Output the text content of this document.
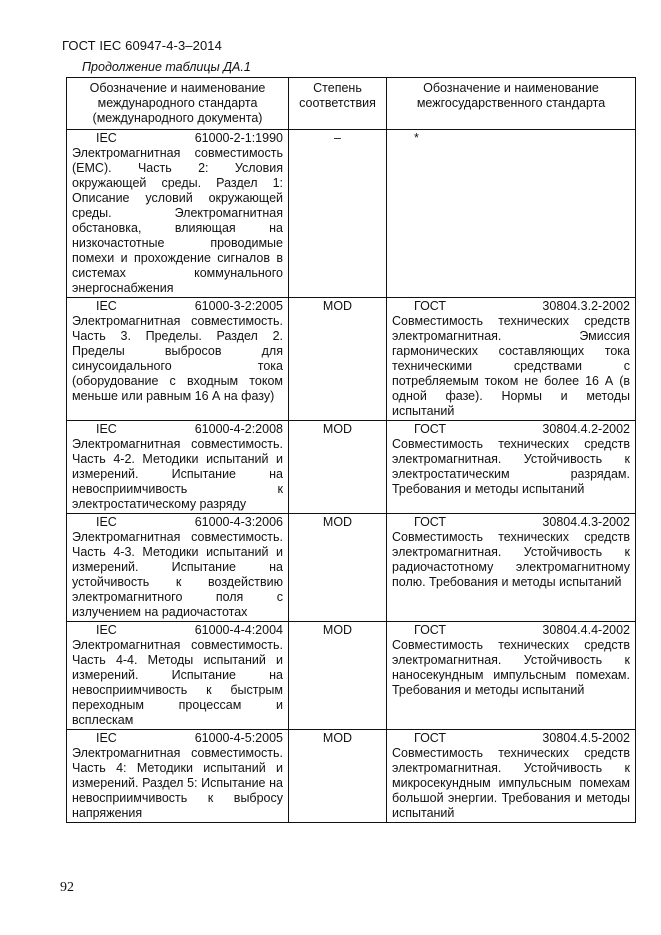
ГОСТ IEC 60947-4-3–2014
Продолжение таблицы ДА.1
Обозначение и наименование международного стандарта (международного документа)	Степень соответствия	Обозначение и наименование межгосударственного стандарта

IEC 61000-2-1:1990 Электромагнитная совместимость (EMC). Часть 2: Условия окружающей среды. Раздел 1: Описание условий окружающей среды. Электромагнитная обстановка, влияющая на низкочастотные проводимые помехи и прохождение сигналов в системах коммунального энергоснабжения	–	*

IEC 61000-3-2:2005 Электромагнитная совместимость. Часть 3. Пределы. Раздел 2. Пределы выбросов для синусоидального тока (оборудование с входным током меньше или равным 16 А на фазу)	MOD	ГОСТ 30804.3.2-2002 Совместимость технических средств электромагнитная. Эмиссия гармонических составляющих тока техническими средствами с потребляемым током не более 16 А (в одной фазе). Нормы и методы испытаний

IEC 61000-4-2:2008 Электромагнитная совместимость. Часть 4-2. Методики испытаний и измерений. Испытание на невосприимчивость к электростатическому разряду	MOD	ГОСТ 30804.4.2-2002 Совместимость технических средств электромагнитная. Устойчивость к электростатическим разрядам. Требования и методы испытаний

IEC 61000-4-3:2006 Электромагнитная совместимость. Часть 4-3. Методики испытаний и измерений. Испытание на устойчивость к воздействию электромагнитного поля с излучением на радиочастотах	MOD	ГОСТ 30804.4.3-2002 Совместимость технических средств электромагнитная. Устойчивость к радиочастотному электромагнитному полю. Требования и методы испытаний

IEC 61000-4-4:2004 Электромагнитная совместимость. Часть 4-4. Методы испытаний и измерений. Испытание на невосприимчивость к быстрым переходным процессам и всплескам	MOD	ГОСТ 30804.4.4-2002 Совместимость технических средств электромагнитная. Устойчивость к наносекундным импульсным помехам. Требования и методы испытаний

IEC 61000-4-5:2005 Электромагнитная совместимость. Часть 4: Методики испытаний и измерений. Раздел 5: Испытание на невосприимчивость к выбросу напряжения	MOD	ГОСТ 30804.4.5-2002 Совместимость технических средств электромагнитная. Устойчивость к микросекундным импульсным помехам большой энергии. Требования и методы испытаний
92
